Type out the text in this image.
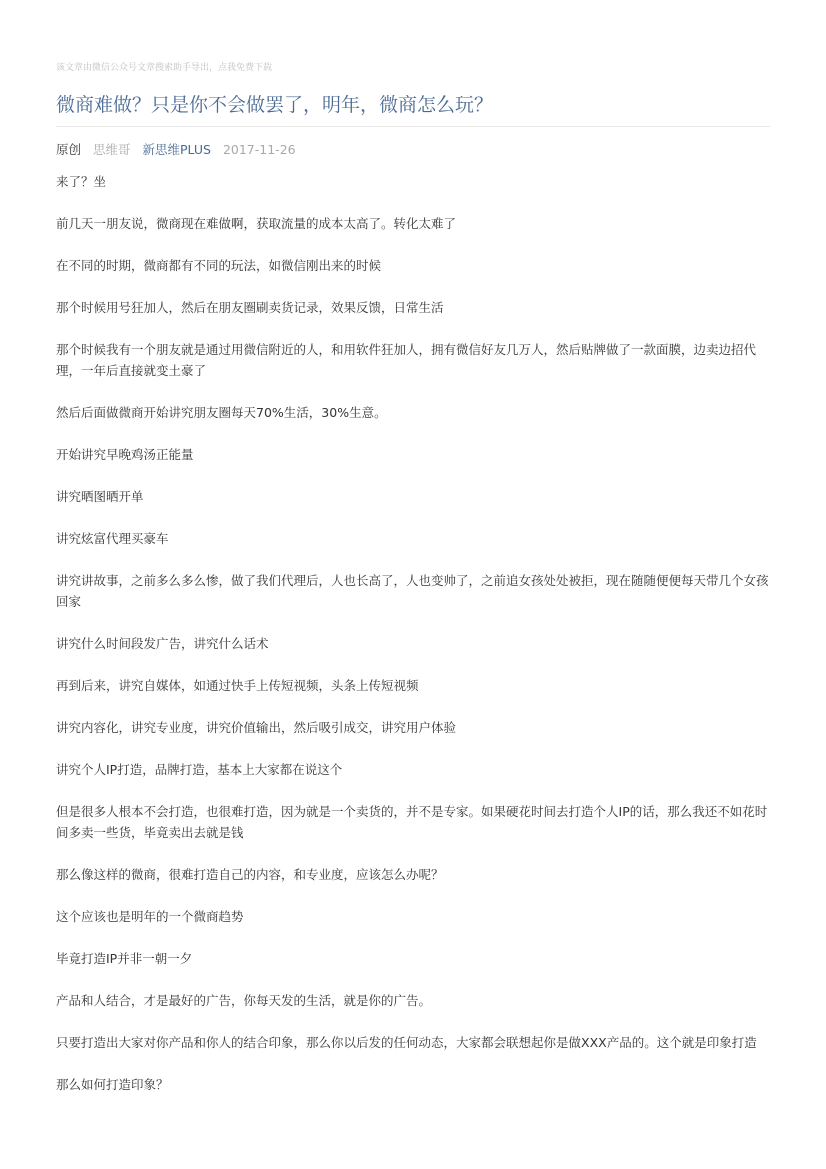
该文章由微信公众号文章搜索助手导出，点我免费下载
微商难做？只是你不会做罢了，明年，微商怎么玩？
原创 思维哥 新思维PLUS 2017-11-26

来了？坐

前几天一朋友说，微商现在难做啊，获取流量的成本太高了。转化太难了

在不同的时期，微商都有不同的玩法，如微信刚出来的时候

那个时候用号狂加人，然后在朋友圈刷卖货记录，效果反馈，日常生活

那个时候我有一个朋友就是通过用微信附近的人，和用软件狂加人，拥有微信好友几万人，然后贴牌做了一款面膜，边卖边招代理，一年后直接就变土豪了

然后后面做微商开始讲究朋友圈每天70%生活，30%生意。

开始讲究早晚鸡汤正能量

讲究晒图晒开单

讲究炫富代理买豪车

讲究讲故事，之前多么多么惨，做了我们代理后，人也长高了，人也变帅了，之前追女孩处处被拒，现在随随便便每天带几个女孩回家

讲究什么时间段发广告，讲究什么话术

再到后来，讲究自媒体，如通过快手上传短视频，头条上传短视频

讲究内容化，讲究专业度，讲究价值输出，然后吸引成交，讲究用户体验

讲究个人IP打造，品牌打造，基本上大家都在说这个

但是很多人根本不会打造，也很难打造，因为就是一个卖货的，并不是专家。如果硬花时间去打造个人IP的话，那么我还不如花时间多卖一些货，毕竟卖出去就是钱

那么像这样的微商，很难打造自己的内容，和专业度，应该怎么办呢？

这个应该也是明年的一个微商趋势

毕竟打造IP并非一朝一夕

产品和人结合，才是最好的广告，你每天发的生活，就是你的广告。

只要打造出大家对你产品和你人的结合印象，那么你以后发的任何动态，大家都会联想起你是做XXX产品的。这个就是印象打造

那么如何打造印象？
